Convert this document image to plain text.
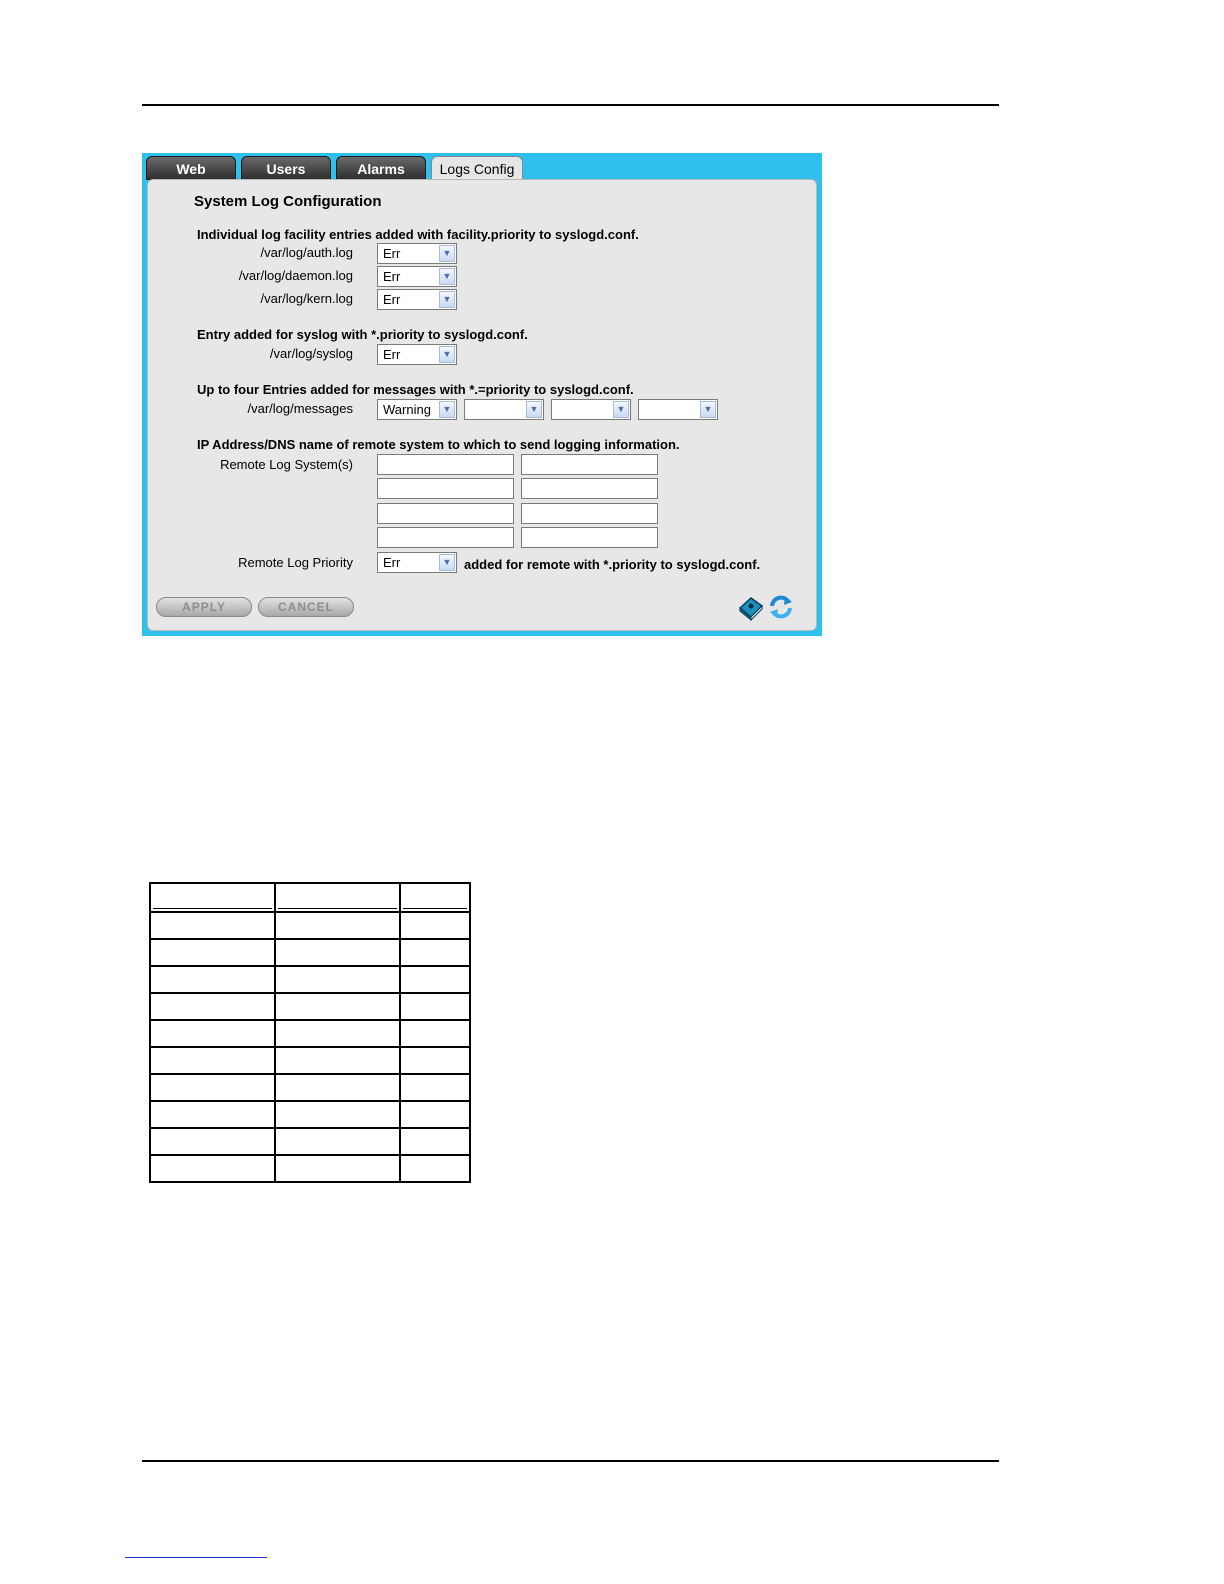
Web	Users	Alarms	Logs Config
System Log Configuration
Individual log facility entries added with facility.priority to syslogd.conf.
/var/log/auth.log	Err	▼
/var/log/daemon.log	Err	▼
/var/log/kern.log	Err	▼
Entry added for syslog with *.priority to syslogd.conf.
/var/log/syslog	Err	▼
Up to four Entries added for messages with *.=priority to syslogd.conf.
/var/log/messages	Warning	▼	▼	▼	▼
IP Address/DNS name of remote system to which to send logging information.
Remote Log System(s)
Remote Log Priority	Err	▼ added for remote with *.priority to syslogd.conf.
APPLY	CANCEL
